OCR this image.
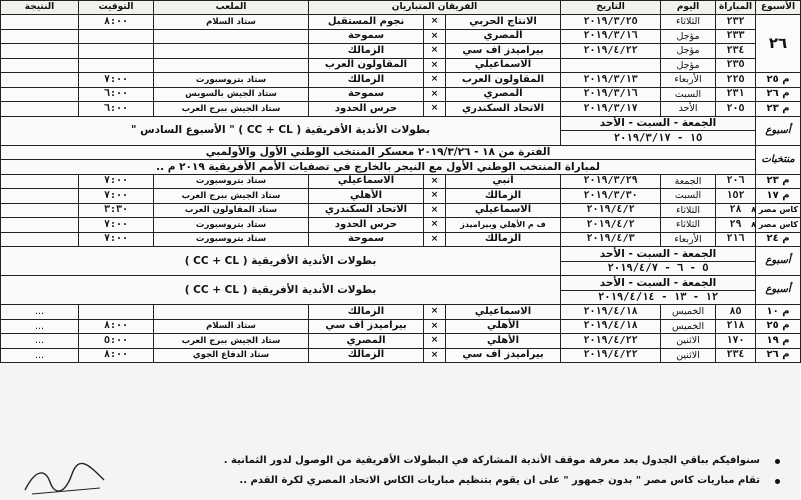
الأسبوع	المباراة	اليوم	التاريخ	الفريقان المتباريان			الملعب	التوقيت	النتيجة
٢٦	٢٣٢	الثلاثاء	٢٠١٩/٣/٢٥	الانتاج الحربي	×	نجوم المستقبل	ستاد السلام	٨:٠٠	
	٢٣٣	مؤجل	٢٠١٩/٣/١٦	المصري	×	سموحة			
	٢٣٤	مؤجل	٢٠١٩/٤/٢٢	بيراميدز اف سي	×	الزمالك			
	٢٣٥	مؤجل		الاسماعيلي	×	المقاولون العرب			
م ٢٥	٢٢٥	الأربعاء	٢٠١٩/٣/١٣	المقاولون العرب	×	الزمالك	ستاد بتروسبورت	٧:٠٠	
م ٢٦	٢٣١	السبت	٢٠١٩/٣/١٦	المصري	×	سموحة	ستاد الجيش بالسويس	٦:٠٠	
م ٢٣	٢٠٥	الأحد	٢٠١٩/٣/١٧	الاتحاد السكندري	×	حرس الحدود	ستاد الجيش ببرج العرب	٦:٠٠	
أسبوع	الجمعة - السبت - الأحد			بطولات الأندية الأفريقية ( CC + CL ) " الأسبوع السادس "					
	١٥ - ٢٠١٩/٣/١٧								
منتخبات	الفترة من ١٨ - ٢٠١٩/٣/٢٦ معسكر المنتخب الوطني الأول والأولمبي								
	لمباراة المنتخب الوطني الأول مع النيجر بالخارج في تصفيات الأمم الأفريقية ٢٠١٩ م ..								
م ٢٣	٢٠٦	الجمعة	٢٠١٩/٣/٢٩	انبي	×	الاسماعيلي	ستاد بتروسبورت	٧:٠٠	
م ١٧	١٥٢	السبت	٢٠١٩/٣/٣٠	الزمالك	×	الأهلي	ستاد الجيش ببرج العرب	٧:٠٠	
كاس مصر ٨	٢٨	الثلاثاء	٢٠١٩/٤/٢	الاسماعيلي	×	الاتحاد السكندري	ستاد المقاولون العرب	٣:٣٠	
كاس مصر ٨	٢٩	الثلاثاء	٢٠١٩/٤/٢	ف م الأهلي وبيراميدز	×	حرس الحدود	ستاد بتروسبورت	٧:٠٠	
م ٢٤	٢١٦	الأربعاء	٢٠١٩/٤/٣	الزمالك	×	سموحة	ستاد بتروسبورت	٧:٠٠	
أسبوع	الجمعة - السبت - الأحد			بطولات الأندية الأفريقية ( CC + CL )					
	٥ - ٦ - ٢٠١٩/٤/٧								
أسبوع	الجمعة - السبت - الأحد			بطولات الأندية الأفريقية ( CC + CL )					
	١٢ - ١٣ - ٢٠١٩/٤/١٤								
م ١٠	٨٥	الخميس	٢٠١٩/٤/١٨	الاسماعيلي	×	الزمالك			...
م ٢٥	٢١٨	الخميس	٢٠١٩/٤/١٨	الأهلي	×	بيراميدز اف سي	ستاد السلام	٨:٠٠	...
م ١٩	١٧٠	الاثنين	٢٠١٩/٤/٢٢	الأهلي	×	المصري	ستاد الجيش ببرج العرب	٥:٠٠	...
م ٢٦	٢٣٤	الاثنين	٢٠١٩/٤/٢٢	بيراميدز اف سي	×	الزمالك	ستاد الدفاع الجوي	٨:٠٠	...
سنوافيكم بباقي الجدول بعد معرفة موقف الأندية المشاركة في البطولات الأفريقية من الوصول لدور الثمانية .
تقام مباريات كاس مصر " بدون جمهور " على ان يقوم بتنظيم مباريات الكاس الاتحاد المصري لكرة القدم ..
